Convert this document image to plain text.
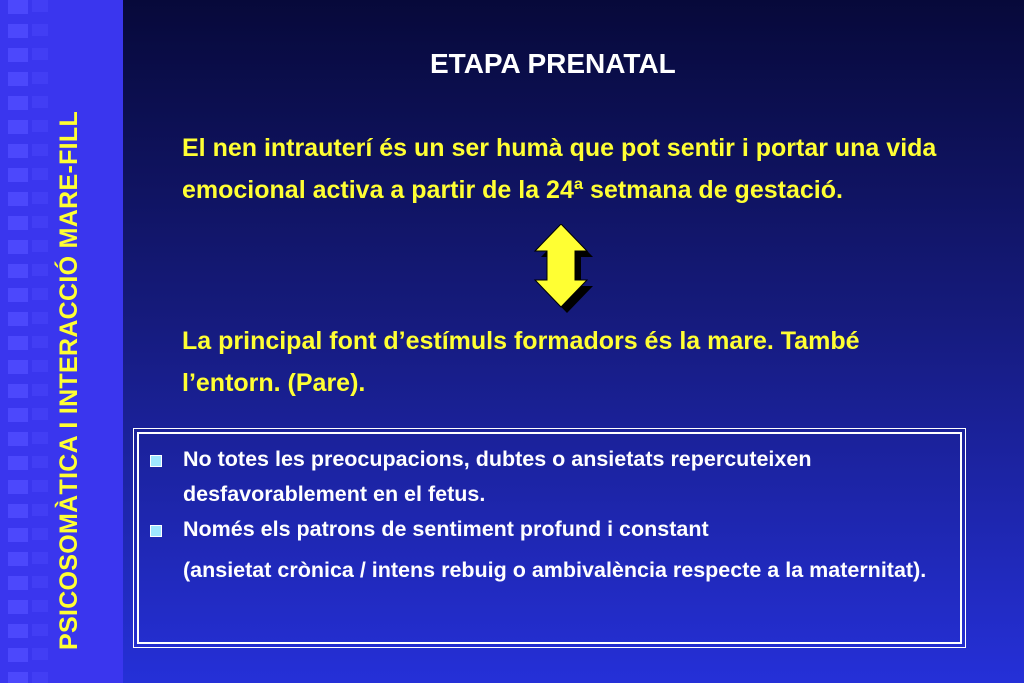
PSICOSOMÀTICA I INTERACCIÓ MARE-FILL
ETAPA PRENATAL

El nen intrauterí és un ser humà que pot sentir i portar una vida emocional activa a partir de la 24ª setmana de gestació.

La principal font d’estímuls formadors és la mare. També l’entorn. (Pare).

No totes les preocupacions, dubtes o ansietats repercuteixen desfavorablement en el fetus.
Només els patrons de sentiment profund i constant
(ansietat crònica / intens rebuig o ambivalència respecte a la maternitat).
